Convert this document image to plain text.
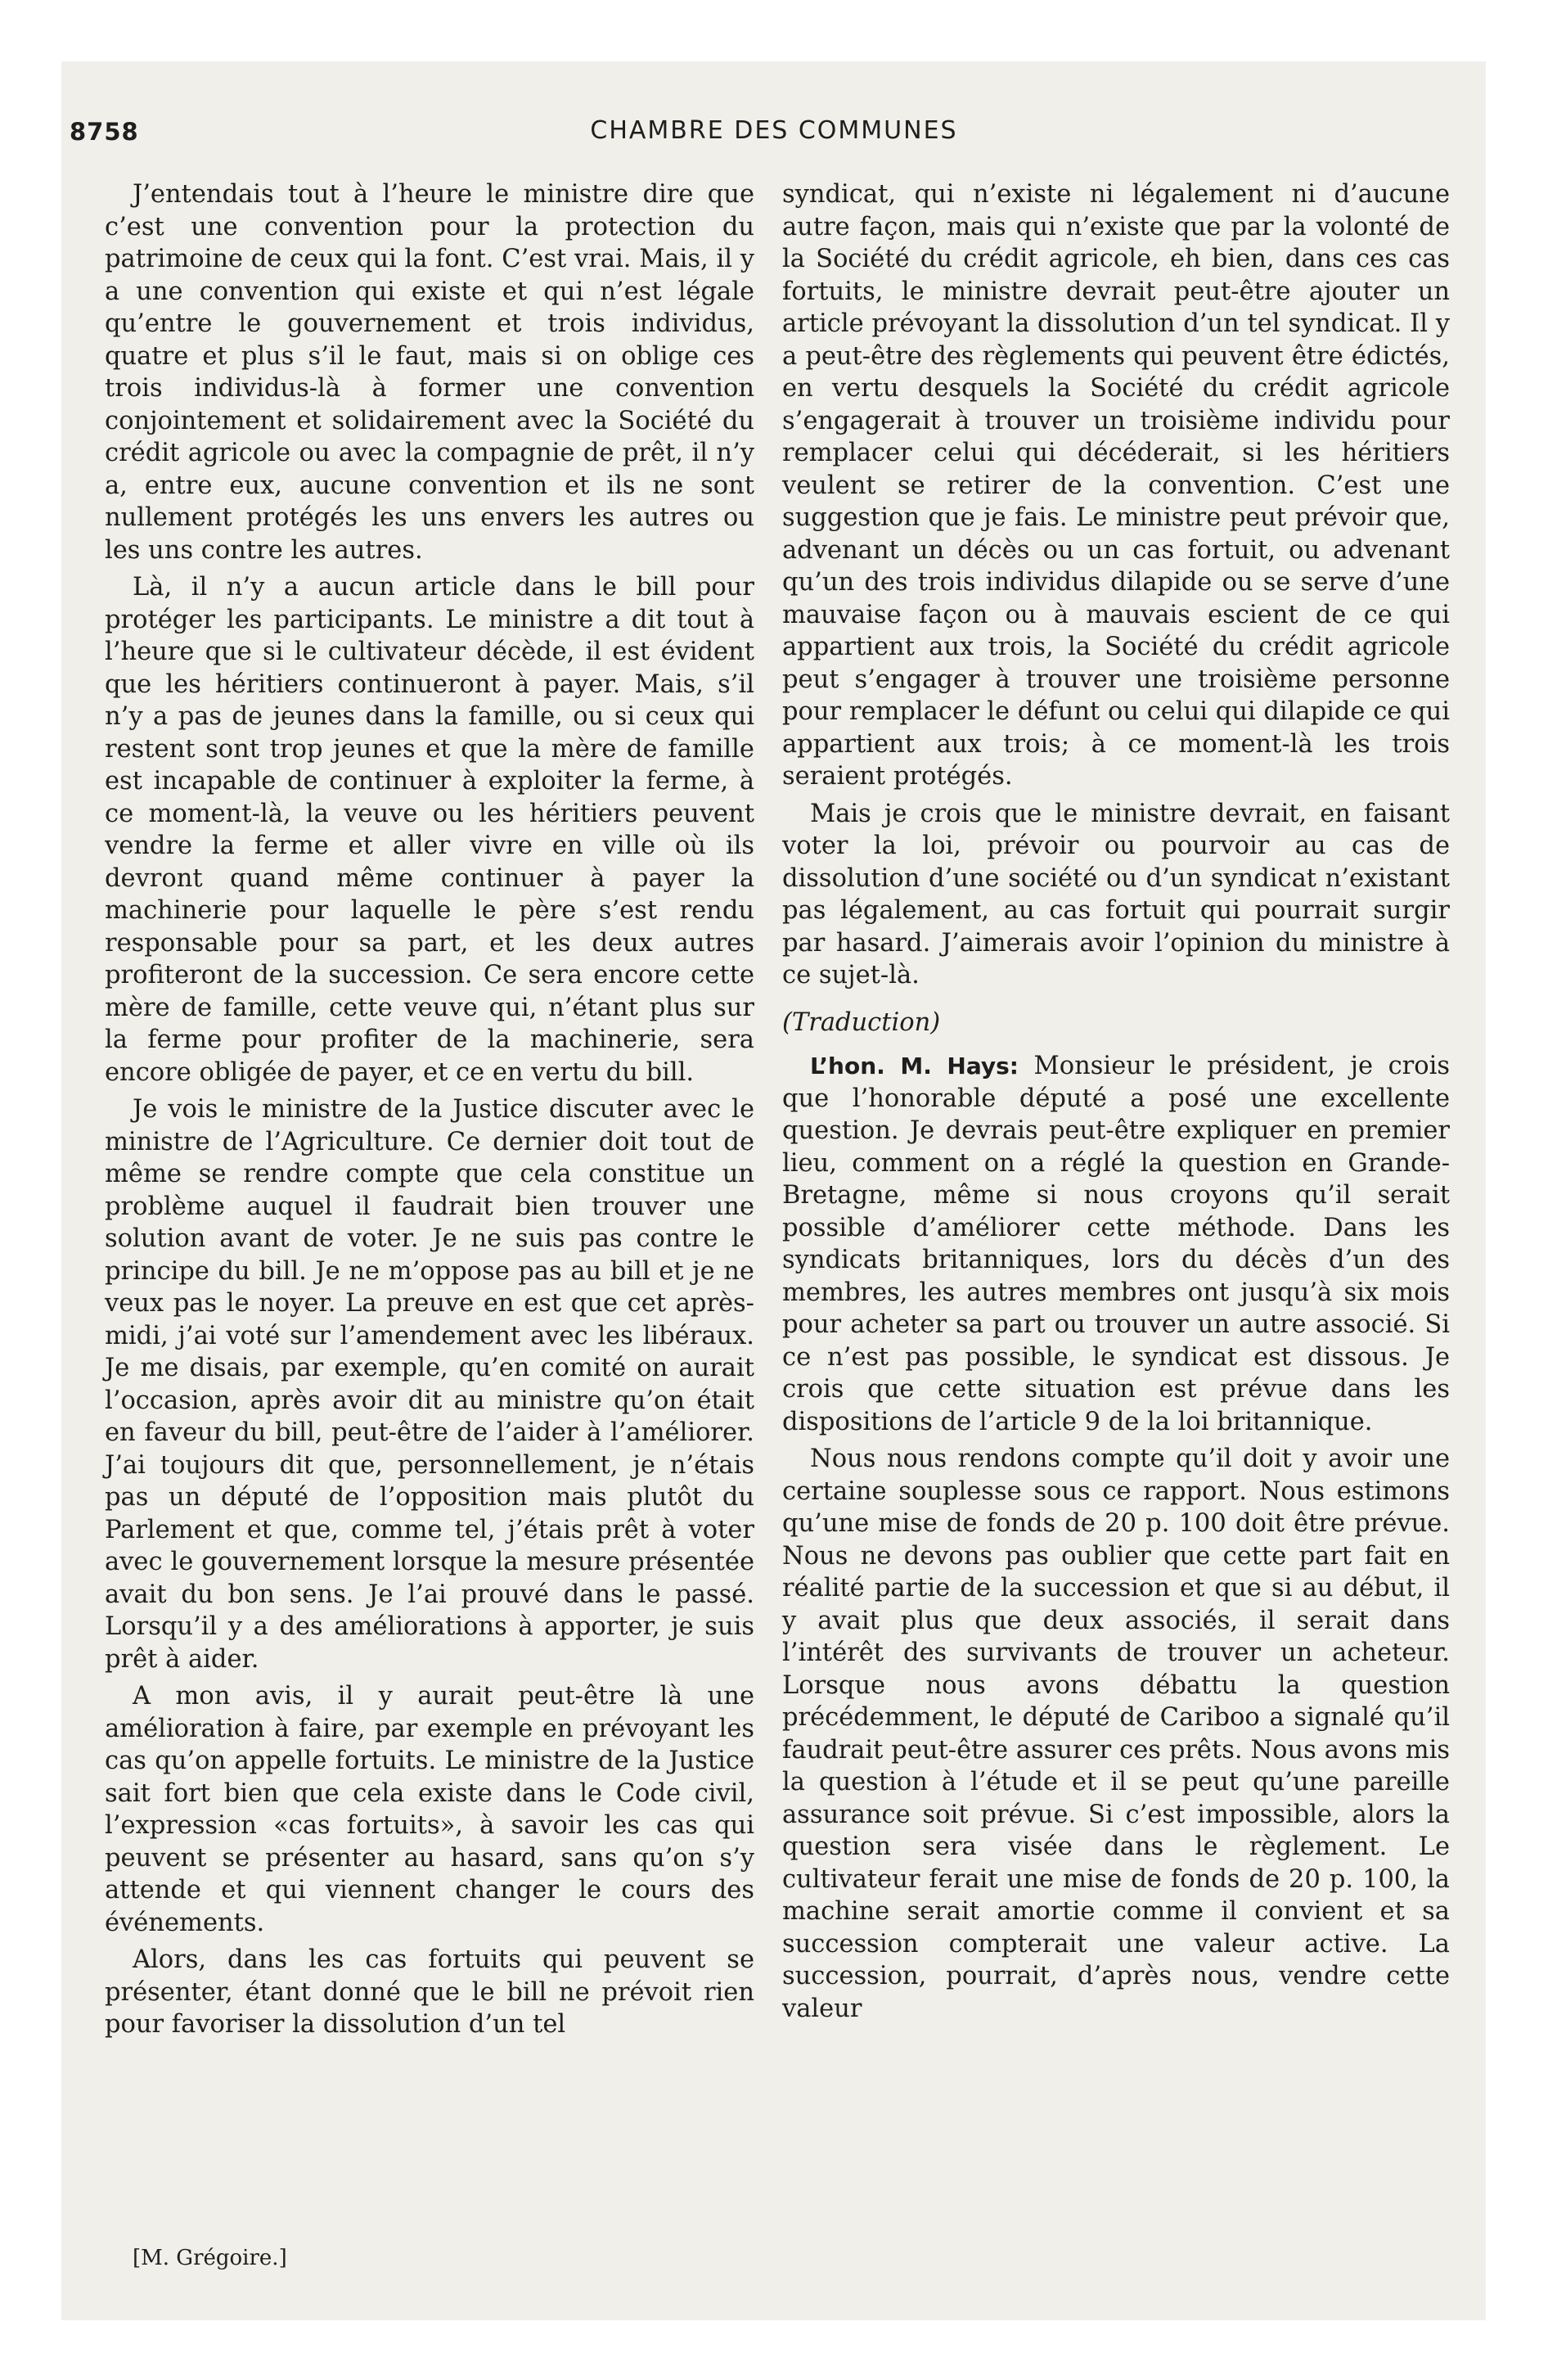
8758	CHAMBRE DES COMMUNES

J’entendais tout à l’heure le ministre dire que c’est une convention pour la protection du patrimoine de ceux qui la font. C’est vrai. Mais, il y a une convention qui existe et qui n’est légale qu’entre le gouvernement et trois individus, quatre et plus s’il le faut, mais si on oblige ces trois individus-là à former une convention conjointement et solidairement avec la Société du crédit agricole ou avec la compagnie de prêt, il n’y a, entre eux, aucune convention et ils ne sont nullement protégés les uns envers les autres ou les uns contre les autres.

Là, il n’y a aucun article dans le bill pour protéger les participants. Le ministre a dit tout à l’heure que si le cultivateur décède, il est évident que les héritiers continueront à payer. Mais, s’il n’y a pas de jeunes dans la famille, ou si ceux qui restent sont trop jeunes et que la mère de famille est incapable de continuer à exploiter la ferme, à ce moment-là, la veuve ou les héritiers peuvent vendre la ferme et aller vivre en ville où ils devront quand même continuer à payer la machinerie pour laquelle le père s’est rendu responsable pour sa part, et les deux autres profiteront de la succession. Ce sera encore cette mère de famille, cette veuve qui, n’étant plus sur la ferme pour profiter de la machinerie, sera encore obligée de payer, et ce en vertu du bill.

Je vois le ministre de la Justice discuter avec le ministre de l’Agriculture. Ce dernier doit tout de même se rendre compte que cela constitue un problème auquel il faudrait bien trouver une solution avant de voter. Je ne suis pas contre le principe du bill. Je ne m’oppose pas au bill et je ne veux pas le noyer. La preuve en est que cet après-midi, j’ai voté sur l’amendement avec les libéraux. Je me disais, par exemple, qu’en comité on aurait l’occasion, après avoir dit au ministre qu’on était en faveur du bill, peut-être de l’aider à l’améliorer. J’ai toujours dit que, personnellement, je n’étais pas un député de l’opposition mais plutôt du Parlement et que, comme tel, j’étais prêt à voter avec le gouvernement lorsque la mesure présentée avait du bon sens. Je l’ai prouvé dans le passé. Lorsqu’il y a des améliorations à apporter, je suis prêt à aider.

A mon avis, il y aurait peut-être là une amélioration à faire, par exemple en prévoyant les cas qu’on appelle fortuits. Le ministre de la Justice sait fort bien que cela existe dans le Code civil, l’expression «cas fortuits», à savoir les cas qui peuvent se présenter au hasard, sans qu’on s’y attende et qui viennent changer le cours des événements.

Alors, dans les cas fortuits qui peuvent se présenter, étant donné que le bill ne prévoit rien pour favoriser la dissolution d’un tel

syndicat, qui n’existe ni légalement ni d’aucune autre façon, mais qui n’existe que par la volonté de la Société du crédit agricole, eh bien, dans ces cas fortuits, le ministre devrait peut-être ajouter un article prévoyant la dissolution d’un tel syndicat. Il y a peut-être des règlements qui peuvent être édictés, en vertu desquels la Société du crédit agricole s’engagerait à trouver un troisième individu pour remplacer celui qui décéderait, si les héritiers veulent se retirer de la convention. C’est une suggestion que je fais. Le ministre peut prévoir que, advenant un décès ou un cas fortuit, ou advenant qu’un des trois individus dilapide ou se serve d’une mauvaise façon ou à mauvais escient de ce qui appartient aux trois, la Société du crédit agricole peut s’engager à trouver une troisième personne pour remplacer le défunt ou celui qui dilapide ce qui appartient aux trois; à ce moment-là les trois seraient protégés.

Mais je crois que le ministre devrait, en faisant voter la loi, prévoir ou pourvoir au cas de dissolution d’une société ou d’un syndicat n’existant pas légalement, au cas fortuit qui pourrait surgir par hasard. J’aimerais avoir l’opinion du ministre à ce sujet-là.

(Traduction)

L’hon. M. Hays: Monsieur le président, je crois que l’honorable député a posé une excellente question. Je devrais peut-être expliquer en premier lieu, comment on a réglé la question en Grande-Bretagne, même si nous croyons qu’il serait possible d’améliorer cette méthode. Dans les syndicats britanniques, lors du décès d’un des membres, les autres membres ont jusqu’à six mois pour acheter sa part ou trouver un autre associé. Si ce n’est pas possible, le syndicat est dissous. Je crois que cette situation est prévue dans les dispositions de l’article 9 de la loi britannique.

Nous nous rendons compte qu’il doit y avoir une certaine souplesse sous ce rapport. Nous estimons qu’une mise de fonds de 20 p. 100 doit être prévue. Nous ne devons pas oublier que cette part fait en réalité partie de la succession et que si au début, il y avait plus que deux associés, il serait dans l’intérêt des survivants de trouver un acheteur. Lorsque nous avons débattu la question précédemment, le député de Cariboo a signalé qu’il faudrait peut-être assurer ces prêts. Nous avons mis la question à l’étude et il se peut qu’une pareille assurance soit prévue. Si c’est impossible, alors la question sera visée dans le règlement. Le cultivateur ferait une mise de fonds de 20 p. 100, la machine serait amortie comme il convient et sa succession compterait une valeur active. La succession, pourrait, d’après nous, vendre cette valeur

[M. Grégoire.]
